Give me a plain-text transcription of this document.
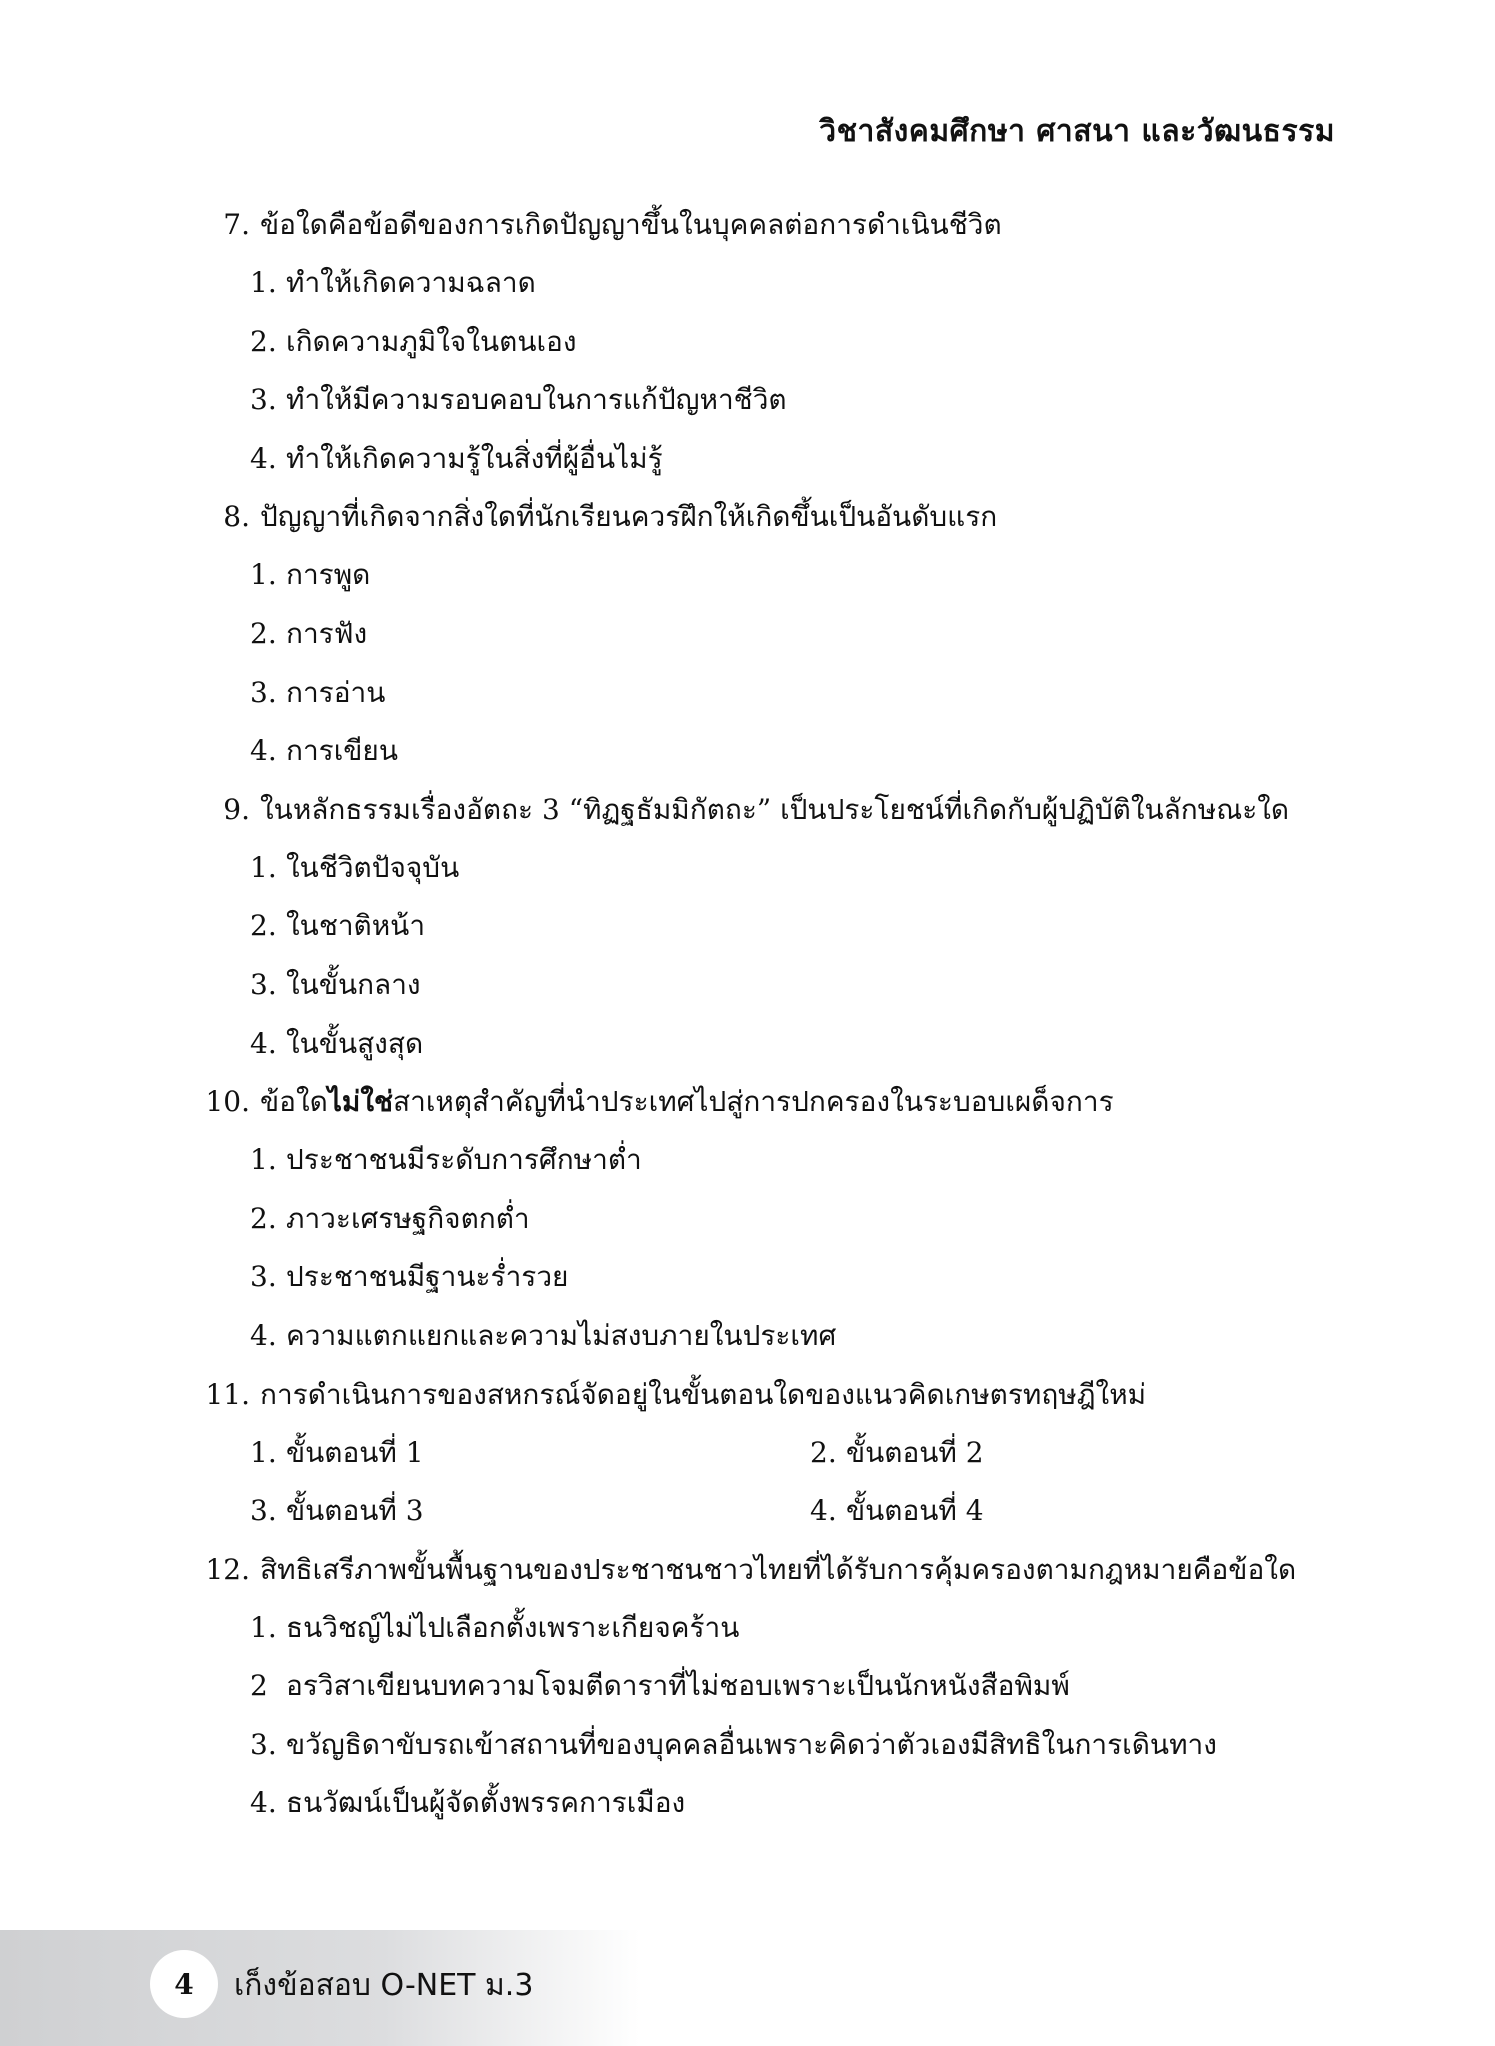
วิชาสังคมศึกษา ศาสนา และวัฒนธรรม
7. ข้อใดคือข้อดีของการเกิดปัญญาขึ้นในบุคคลต่อการดำเนินชีวิต
1. ทำให้เกิดความฉลาด
2. เกิดความภูมิใจในตนเอง
3. ทำให้มีความรอบคอบในการแก้ปัญหาชีวิต
4. ทำให้เกิดความรู้ในสิ่งที่ผู้อื่นไม่รู้
8. ปัญญาที่เกิดจากสิ่งใดที่นักเรียนควรฝึกให้เกิดขึ้นเป็นอันดับแรก
1. การพูด
2. การฟัง
3. การอ่าน
4. การเขียน
9. ในหลักธรรมเรื่องอัตถะ 3 “ทิฏฐธัมมิกัตถะ” เป็นประโยชน์ที่เกิดกับผู้ปฏิบัติในลักษณะใด
1. ในชีวิตปัจจุบัน
2. ในชาติหน้า
3. ในขั้นกลาง
4. ในขั้นสูงสุด
10. ข้อใดไม่ใช่สาเหตุสำคัญที่นำประเทศไปสู่การปกครองในระบอบเผด็จการ
1. ประชาชนมีระดับการศึกษาต่ำ
2. ภาวะเศรษฐกิจตกต่ำ
3. ประชาชนมีฐานะร่ำรวย
4. ความแตกแยกและความไม่สงบภายในประเทศ
11. การดำเนินการของสหกรณ์จัดอยู่ในขั้นตอนใดของแนวคิดเกษตรทฤษฎีใหม่
1. ขั้นตอนที่ 1	2. ขั้นตอนที่ 2
3. ขั้นตอนที่ 3	4. ขั้นตอนที่ 4
12. สิทธิเสรีภาพขั้นพื้นฐานของประชาชนชาวไทยที่ได้รับการคุ้มครองตามกฎหมายคือข้อใด
1. ธนวิชญ์ไม่ไปเลือกตั้งเพราะเกียจคร้าน
2 อรวิสาเขียนบทความโจมตีดาราที่ไม่ชอบเพราะเป็นนักหนังสือพิมพ์
3. ขวัญธิดาขับรถเข้าสถานที่ของบุคคลอื่นเพราะคิดว่าตัวเองมีสิทธิในการเดินทาง
4. ธนวัฒน์เป็นผู้จัดตั้งพรรคการเมือง
4	เก็งข้อสอบ O-NET ม.3
